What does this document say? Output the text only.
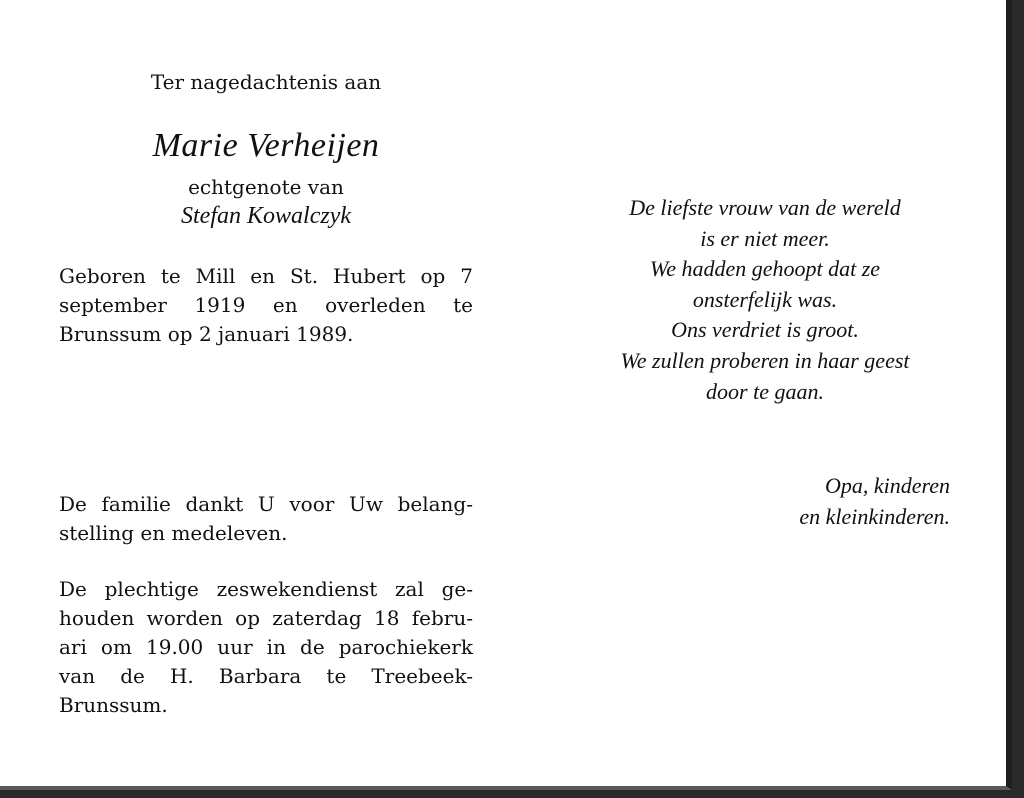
Ter nagedachtenis aan
Marie Verheijen
echtgenote van
Stefan Kowalczyk
Geboren te Mill en St. Hubert op 7
september 1919 en overleden te
Brunssum op 2 januari 1989.
De familie dankt U voor Uw belang-
stelling en medeleven.
De plechtige zeswekendienst zal ge-
houden worden op zaterdag 18 febru-
ari om 19.00 uur in de parochiekerk
van de H. Barbara te Treebeek-
Brunssum.
De liefste vrouw van de wereld
is er niet meer.
We hadden gehoopt dat ze
onsterfelijk was.
Ons verdriet is groot.
We zullen proberen in haar geest
door te gaan.
Opa, kinderen
en kleinkinderen.
